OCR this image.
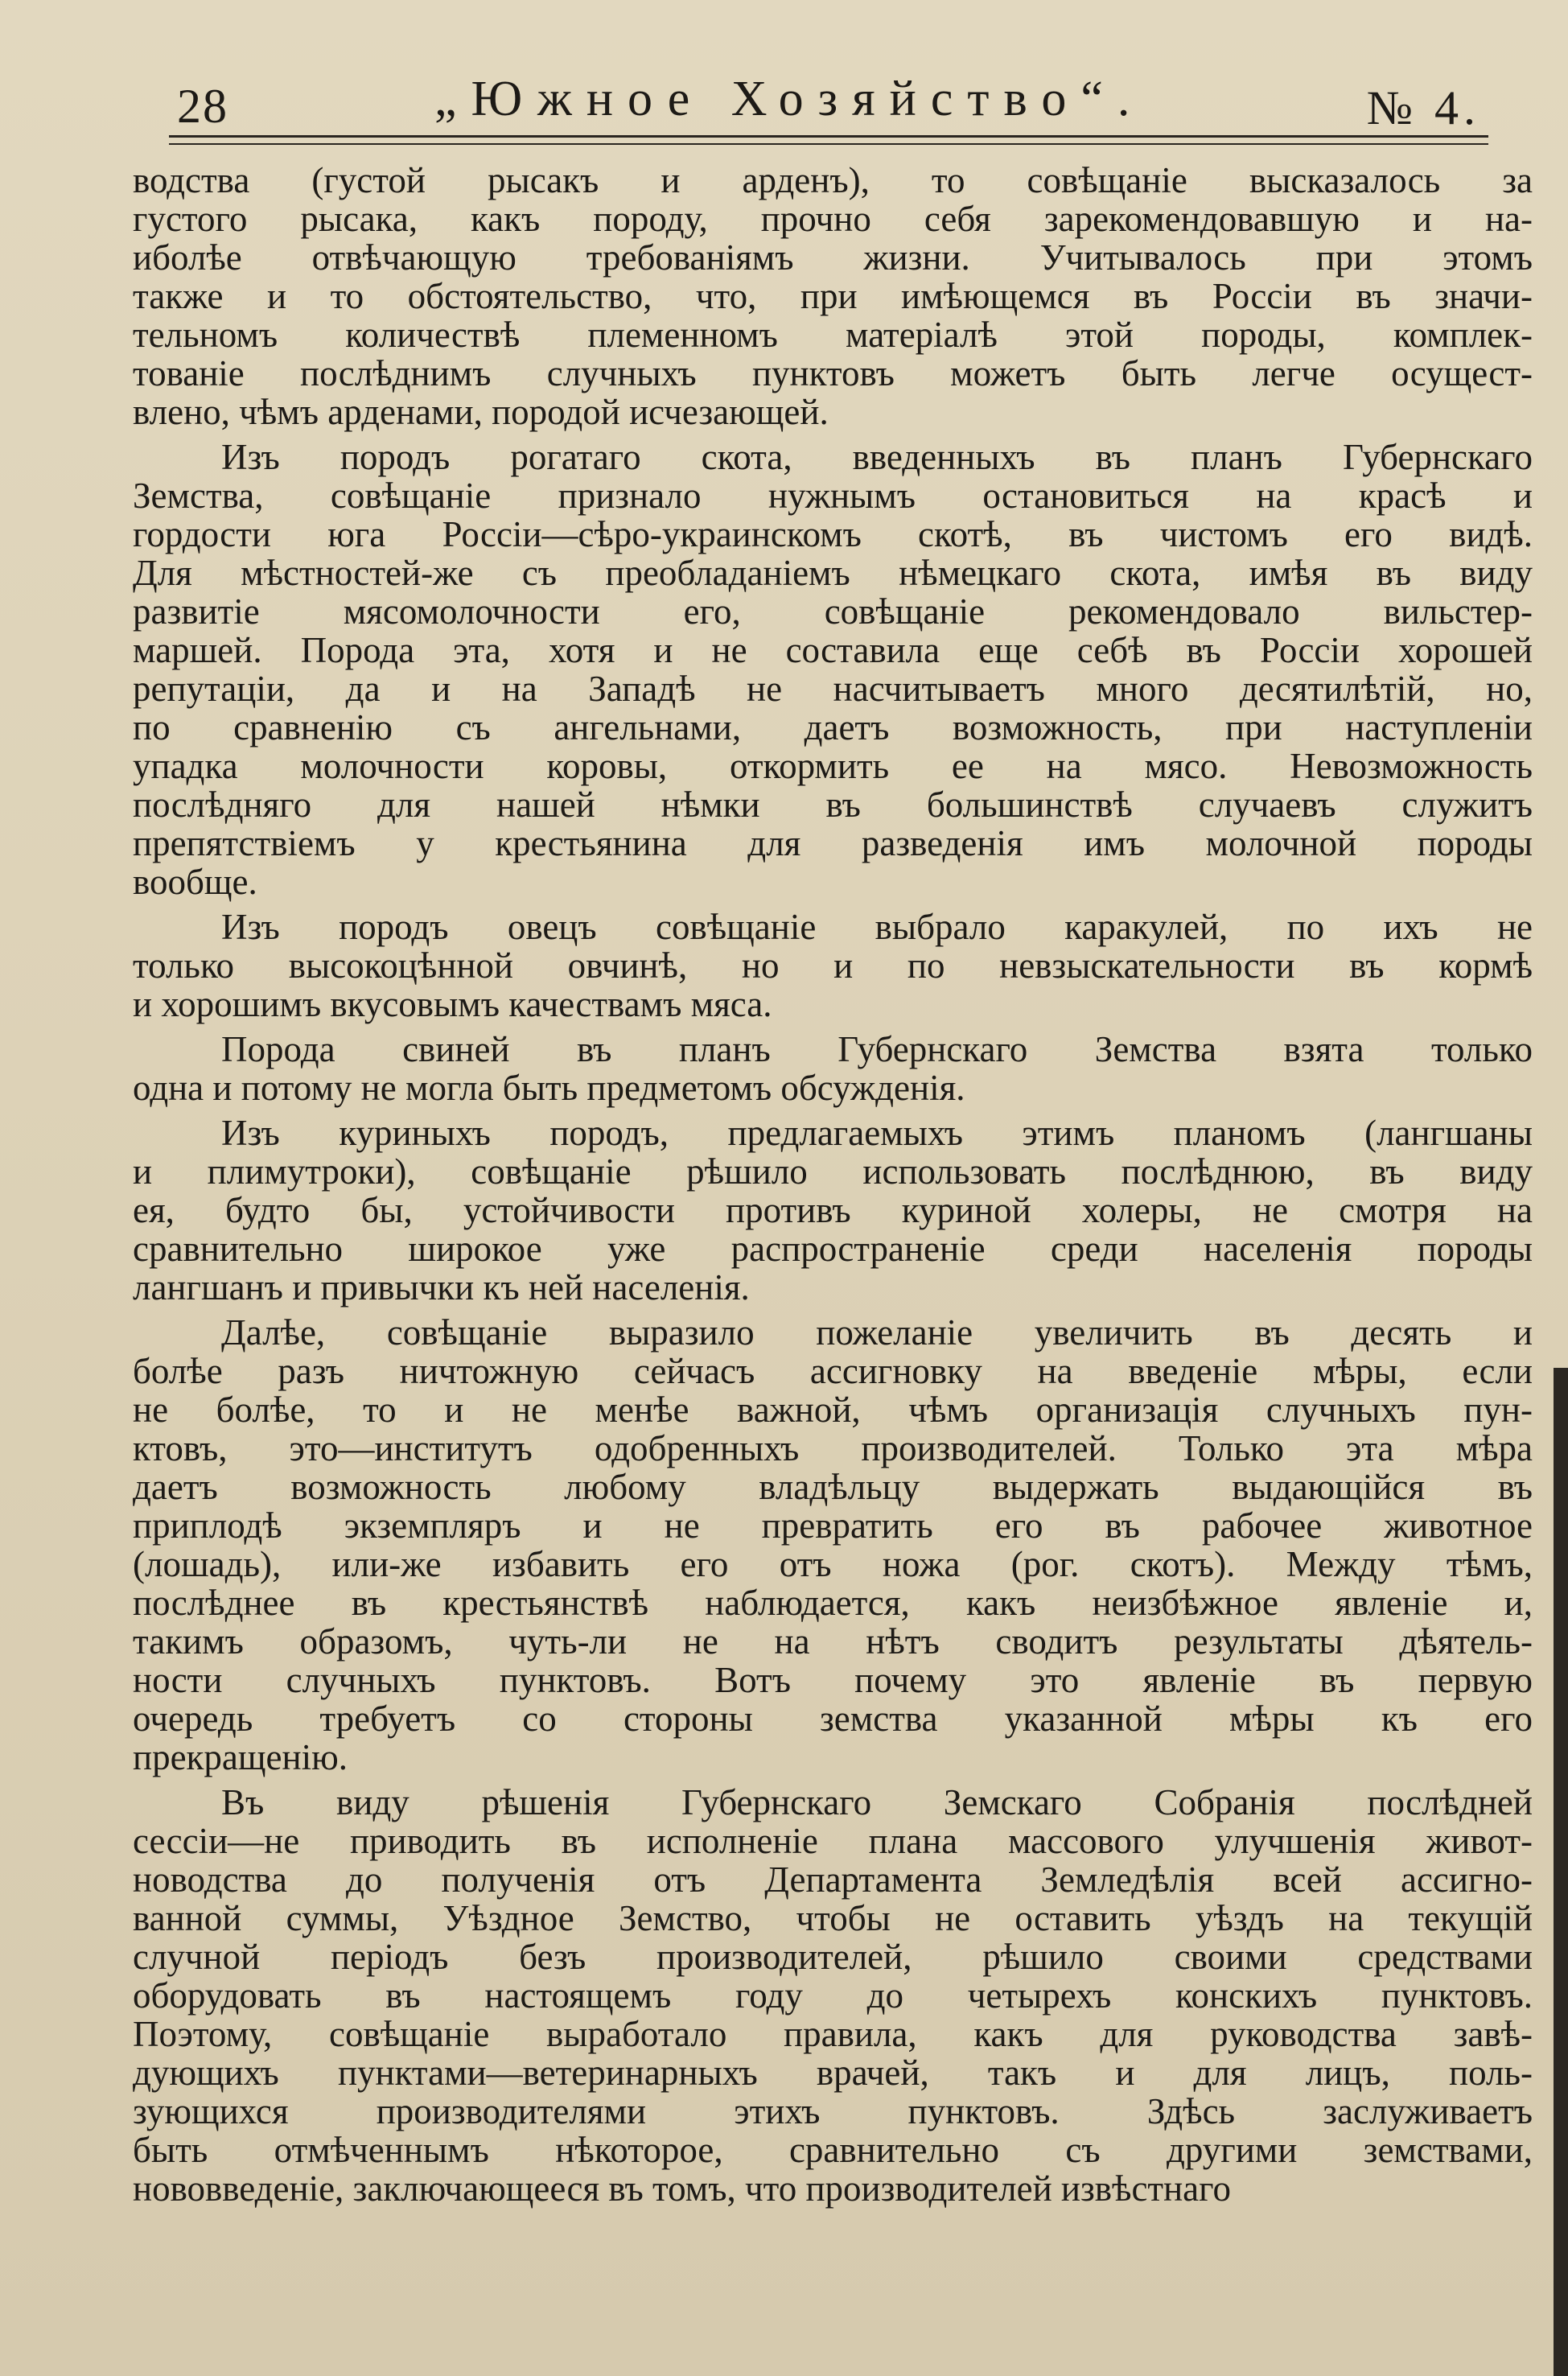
28	„Южное Хозяйство“.	№ 4.
водства (густой рысакъ и арденъ), то совѣщаніе высказалось за
густого рысака, какъ породу, прочно себя зарекомендовавшую и на-
иболѣе отвѣчающую требованіямъ жизни. Учитывалось при этомъ
также и то обстоятельство, что, при имѣющемся въ Россіи въ значи-
тельномъ количествѣ племенномъ матеріалѣ этой породы, комплек-
тованіе послѣднимъ случныхъ пунктовъ можетъ быть легче осущест-
влено, чѣмъ арденами, породой исчезающей.
Изъ породъ рогатаго скота, введенныхъ въ планъ Губернскаго
Земства, совѣщаніе признало нужнымъ остановиться на красѣ и
гордости юга Россіи—сѣро-украинскомъ скотѣ, въ чистомъ его видѣ.
Для мѣстностей-же съ преобладаніемъ нѣмецкаго скота, имѣя въ виду
развитіе мясомолочности его, совѣщаніе рекомендовало вильстер-
маршей. Порода эта, хотя и не составила еще себѣ въ Россіи хорошей
репутаціи, да и на Западѣ не насчитываетъ много десятилѣтій, но,
по сравненію съ ангельнами, даетъ возможность, при наступленіи
упадка молочности коровы, откормить ее на мясо. Невозможность
послѣдняго для нашей нѣмки въ большинствѣ случаевъ служитъ
препятствіемъ у крестьянина для разведенія имъ молочной породы
вообще.
Изъ породъ овецъ совѣщаніе выбрало каракулей, по ихъ не
только высокоцѣнной овчинѣ, но и по невзыскательности въ кормѣ
и хорошимъ вкусовымъ качествамъ мяса.
Порода свиней въ планъ Губернскаго Земства взята только
одна и потому не могла быть предметомъ обсужденія.
Изъ куриныхъ породъ, предлагаемыхъ этимъ планомъ (лангшаны
и плимутроки), совѣщаніе рѣшило использовать послѣднюю, въ виду
ея, будто бы, устойчивости противъ куриной холеры, не смотря на
сравнительно широкое уже распространеніе среди населенія породы
лангшанъ и привычки къ ней населенія.
Далѣе, совѣщаніе выразило пожеланіе увеличить въ десять и
болѣе разъ ничтожную сейчасъ ассигновку на введеніе мѣры, если
не болѣе, то и не менѣе важной, чѣмъ организація случныхъ пун-
ктовъ, это—институтъ одобренныхъ производителей. Только эта мѣра
даетъ возможность любому владѣльцу выдержать выдающійся въ
приплодѣ экземпляръ и не превратить его въ рабочее животное
(лошадь), или-же избавить его отъ ножа (рог. скотъ). Между тѣмъ,
послѣднее въ крестьянствѣ наблюдается, какъ неизбѣжное явленіе и,
такимъ образомъ, чуть-ли не на нѣтъ сводитъ результаты дѣятель-
ности случныхъ пунктовъ. Вотъ почему это явленіе въ первую
очередь требуетъ со стороны земства указанной мѣры къ его
прекращенію.
Въ виду рѣшенія Губернскаго Земскаго Собранія послѣдней
сессіи—не приводить въ исполненіе плана массового улучшенія живот-
новодства до полученія отъ Департамента Земледѣлія всей ассигно-
ванной суммы, Уѣздное Земство, чтобы не оставить уѣздъ на текущій
случной періодъ безъ производителей, рѣшило своими средствами
оборудовать въ настоящемъ году до четырехъ конскихъ пунктовъ.
Поэтому, совѣщаніе выработало правила, какъ для руководства завѣ-
дующихъ пунктами—ветеринарныхъ врачей, такъ и для лицъ, поль-
зующихся производителями этихъ пунктовъ. Здѣсь заслуживаетъ
быть отмѣченнымъ нѣкоторое, сравнительно съ другими земствами,
нововведеніе, заключающееся въ томъ, что производителей извѣстнаго
